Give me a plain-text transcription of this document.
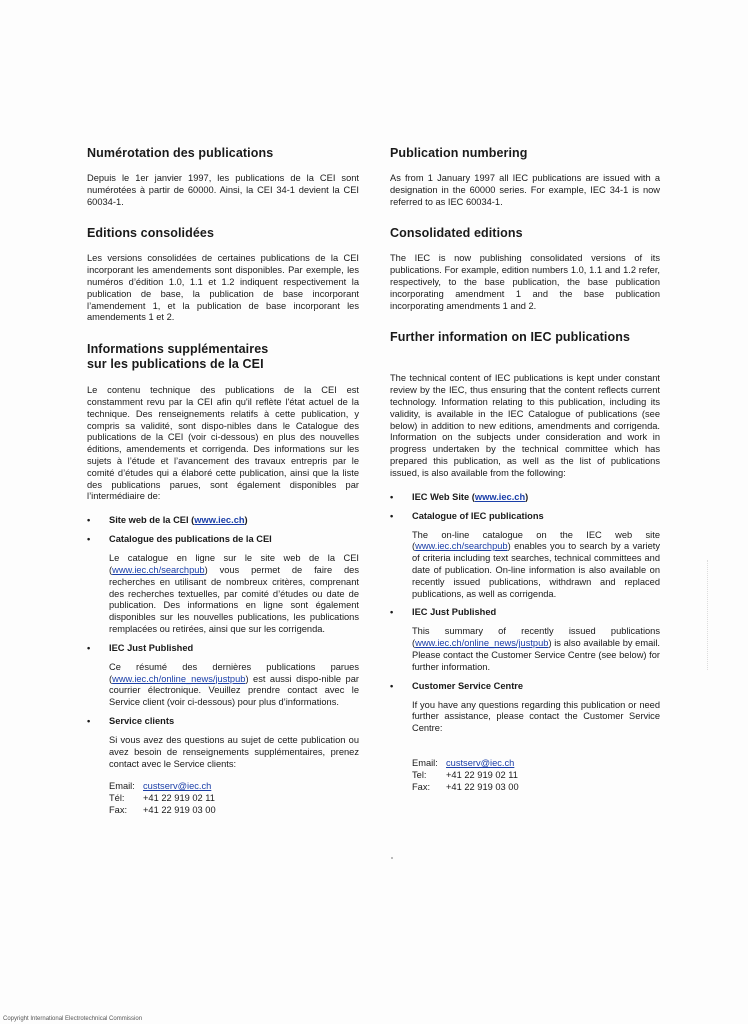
Numérotation des publications

Depuis le 1er janvier 1997, les publications de la CEI sont numérotées à partir de 60000. Ainsi, la CEI 34-1 devient la CEI 60034-1.

Editions consolidées

Les versions consolidées de certaines publications de la CEI incorporant les amendements sont disponibles. Par exemple, les numéros d’édition 1.0, 1.1 et 1.2 indiquent respectivement la publication de base, la publication de base incorporant l’amendement 1, et la publication de base incorporant les amendements 1 et 2.

Informations supplémentaires
sur les publications de la CEI

Le contenu technique des publications de la CEI est constamment revu par la CEI afin qu'il reflète l'état actuel de la technique. Des renseignements relatifs à cette publication, y compris sa validité, sont dispo-nibles dans le Catalogue des publications de la CEI (voir ci-dessous) en plus des nouvelles éditions, amendements et corrigenda. Des informations sur les sujets à l’étude et l’avancement des travaux entrepris par le comité d’études qui a élaboré cette publication, ainsi que la liste des publications parues, sont également disponibles par l’intermédiaire de:

• Site web de la CEI (www.iec.ch)
• Catalogue des publications de la CEI

Le catalogue en ligne sur le site web de la CEI (www.iec.ch/searchpub) vous permet de faire des recherches en utilisant de nombreux critères, comprenant des recherches textuelles, par comité d’études ou date de publication. Des informations en ligne sont également disponibles sur les nouvelles publications, les publications remplacées ou retirées, ainsi que sur les corrigenda.

• IEC Just Published

Ce résumé des dernières publications parues (www.iec.ch/online_news/justpub) est aussi dispo-nible par courrier électronique. Veuillez prendre contact avec le Service client (voir ci-dessous) pour plus d’informations.

• Service clients

Si vous avez des questions au sujet de cette publication ou avez besoin de renseignements supplémentaires, prenez contact avec le Service clients:

Email: custserv@iec.ch
Tél: +41 22 919 02 11
Fax: +41 22 919 03 00
Publication numbering

As from 1 January 1997 all IEC publications are issued with a designation in the 60000 series. For example, IEC 34-1 is now referred to as IEC 60034-1.

Consolidated editions

The IEC is now publishing consolidated versions of its publications. For example, edition numbers 1.0, 1.1 and 1.2 refer, respectively, to the base publication, the base publication incorporating amendment 1 and the base publication incorporating amendments 1 and 2.

Further information on IEC publications

The technical content of IEC publications is kept under constant review by the IEC, thus ensuring that the content reflects current technology. Information relating to this publication, including its validity, is available in the IEC Catalogue of publications (see below) in addition to new editions, amendments and corrigenda. Information on the subjects under consideration and work in progress undertaken by the technical committee which has prepared this publication, as well as the list of publications issued, is also available from the following:

• IEC Web Site (www.iec.ch)
• Catalogue of IEC publications

The on-line catalogue on the IEC web site (www.iec.ch/searchpub) enables you to search by a variety of criteria including text searches, technical committees and date of publication. On-line information is also available on recently issued publications, withdrawn and replaced publications, as well as corrigenda.

• IEC Just Published

This summary of recently issued publications (www.iec.ch/online_news/justpub) is also available by email. Please contact the Customer Service Centre (see below) for further information.

• Customer Service Centre

If you have any questions regarding this publication or need further assistance, please contact the Customer Service Centre:

Email: custserv@iec.ch
Tel: +41 22 919 02 11
Fax: +41 22 919 03 00
Copyright International Electrotechnical Commission
